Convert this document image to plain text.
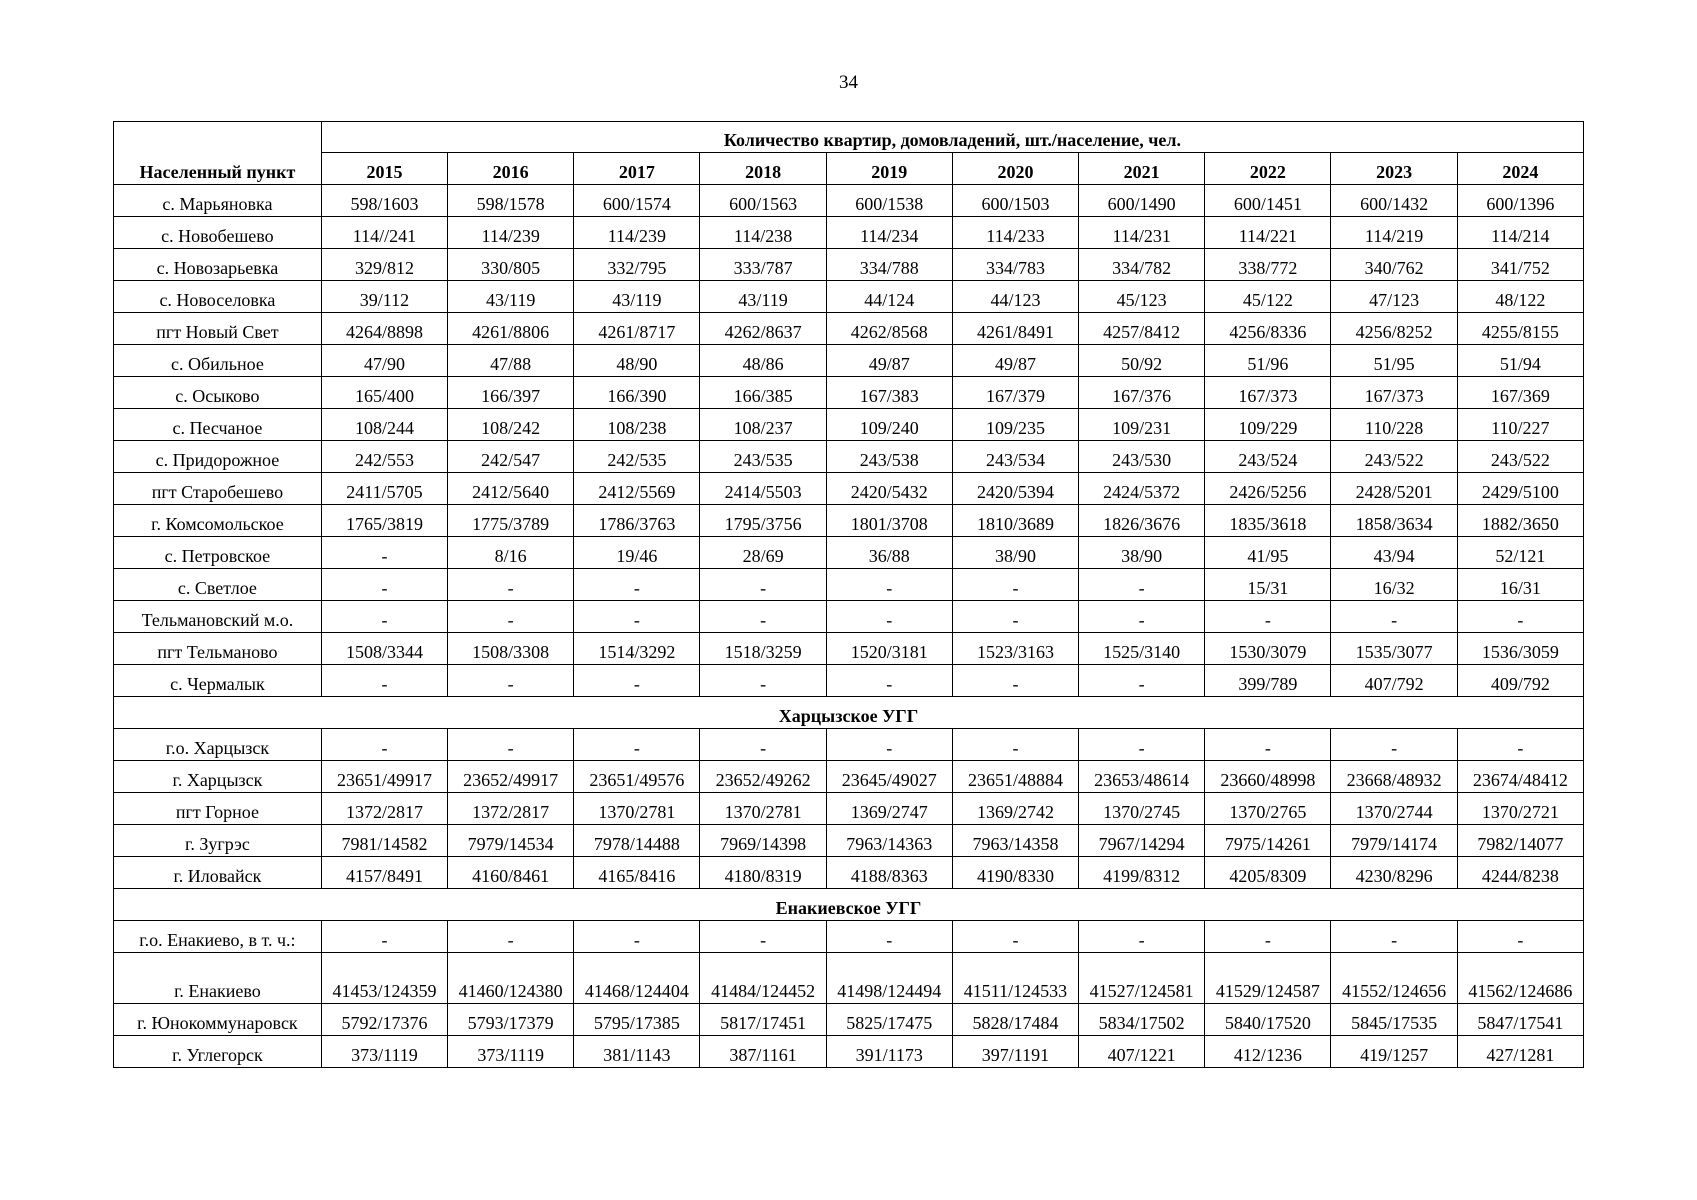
34
Населенный пункт	Количество квартир, домовладений, шт./население, чел.									
	2015	2016	2017	2018	2019	2020	2021	2022	2023	2024
с. Марьяновка	598/1603	598/1578	600/1574	600/1563	600/1538	600/1503	600/1490	600/1451	600/1432	600/1396
с. Новобешево	114//241	114/239	114/239	114/238	114/234	114/233	114/231	114/221	114/219	114/214
с. Новозарьевка	329/812	330/805	332/795	333/787	334/788	334/783	334/782	338/772	340/762	341/752
с. Новоселовка	39/112	43/119	43/119	43/119	44/124	44/123	45/123	45/122	47/123	48/122
пгт Новый Свет	4264/8898	4261/8806	4261/8717	4262/8637	4262/8568	4261/8491	4257/8412	4256/8336	4256/8252	4255/8155
с. Обильное	47/90	47/88	48/90	48/86	49/87	49/87	50/92	51/96	51/95	51/94
с. Осыково	165/400	166/397	166/390	166/385	167/383	167/379	167/376	167/373	167/373	167/369
с. Песчаное	108/244	108/242	108/238	108/237	109/240	109/235	109/231	109/229	110/228	110/227
с. Придорожное	242/553	242/547	242/535	243/535	243/538	243/534	243/530	243/524	243/522	243/522
пгт Старобешево	2411/5705	2412/5640	2412/5569	2414/5503	2420/5432	2420/5394	2424/5372	2426/5256	2428/5201	2429/5100
г. Комсомольское	1765/3819	1775/3789	1786/3763	1795/3756	1801/3708	1810/3689	1826/3676	1835/3618	1858/3634	1882/3650
с. Петровское	-	8/16	19/46	28/69	36/88	38/90	38/90	41/95	43/94	52/121
с. Светлое	-	-	-	-	-	-	-	15/31	16/32	16/31
Тельмановский м.о.	-	-	-	-	-	-	-	-	-	-
пгт Тельманово	1508/3344	1508/3308	1514/3292	1518/3259	1520/3181	1523/3163	1525/3140	1530/3079	1535/3077	1536/3059
с. Чермалык	-	-	-	-	-	-	-	399/789	407/792	409/792
Харцызское УГГ										
г.о. Харцызск	-	-	-	-	-	-	-	-	-	-
г. Харцызск	23651/49917	23652/49917	23651/49576	23652/49262	23645/49027	23651/48884	23653/48614	23660/48998	23668/48932	23674/48412
пгт Горное	1372/2817	1372/2817	1370/2781	1370/2781	1369/2747	1369/2742	1370/2745	1370/2765	1370/2744	1370/2721
г. Зугрэс	7981/14582	7979/14534	7978/14488	7969/14398	7963/14363	7963/14358	7967/14294	7975/14261	7979/14174	7982/14077
г. Иловайск	4157/8491	4160/8461	4165/8416	4180/8319	4188/8363	4190/8330	4199/8312	4205/8309	4230/8296	4244/8238
Енакиевское УГГ										
г.о. Енакиево, в т. ч.:	-	-	-	-	-	-	-	-	-	-
г. Енакиево	41453/124359	41460/124380	41468/124404	41484/124452	41498/124494	41511/124533	41527/124581	41529/124587	41552/124656	41562/124686
г. Юнокоммунаровск	5792/17376	5793/17379	5795/17385	5817/17451	5825/17475	5828/17484	5834/17502	5840/17520	5845/17535	5847/17541
г. Углегорск	373/1119	373/1119	381/1143	387/1161	391/1173	397/1191	407/1221	412/1236	419/1257	427/1281
